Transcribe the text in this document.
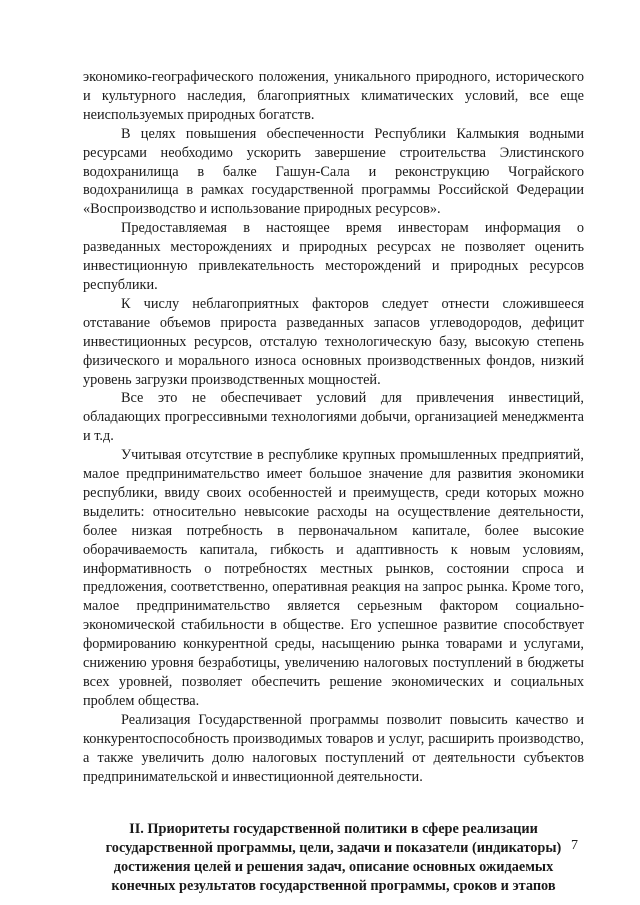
экономико-географического положения, уникального природного, исторического и культурного наследия, благоприятных климатических условий, все еще неиспользуемых природных богатств.

В целях повышения обеспеченности Республики Калмыкия водными ресурсами необходимо ускорить завершение строительства Элистинского водохранилища в балке Гашун-Сала и реконструкцию Чограйского водохранилища в рамках государственной программы Российской Федерации «Воспроизводство и использование природных ресурсов».

Предоставляемая в настоящее время инвесторам информация о разведанных месторождениях и природных ресурсах не позволяет оценить инвестиционную привлекательность месторождений и природных ресурсов республики.

К числу неблагоприятных факторов следует отнести сложившееся отставание объемов прироста разведанных запасов углеводородов, дефицит инвестиционных ресурсов, отсталую технологическую базу, высокую степень физического и морального износа основных производственных фондов, низкий уровень загрузки производственных мощностей.

Все это не обеспечивает условий для привлечения инвестиций, обладающих прогрессивными технологиями добычи, организацией менеджмента и т.д.

Учитывая отсутствие в республике крупных промышленных предприятий, малое предпринимательство имеет большое значение для развития экономики республики, ввиду своих особенностей и преимуществ, среди которых можно выделить: относительно невысокие расходы на осуществление деятельности, более низкая потребность в первоначальном капитале, более высокие оборачиваемость капитала, гибкость и адаптивность к новым условиям, информативность о потребностях местных рынков, состоянии спроса и предложения, соответственно, оперативная реакция на запрос рынка. Кроме того, малое предпринимательство является серьезным фактором социально-экономической стабильности в обществе. Его успешное развитие способствует формированию конкурентной среды, насыщению рынка товарами и услугами, снижению уровня безработицы, увеличению налоговых поступлений в бюджеты всех уровней, позволяет обеспечить решение экономических и социальных проблем общества.

Реализация Государственной программы позволит повысить качество и конкурентоспособность производимых товаров и услуг, расширить производство, а также увеличить долю налоговых поступлений от деятельности субъектов предпринимательской и инвестиционной деятельности.

II. Приоритеты государственной политики в сфере реализации государственной программы, цели, задачи и показатели (индикаторы) достижения целей и решения задач, описание основных ожидаемых конечных результатов государственной программы, сроков и этапов
7
